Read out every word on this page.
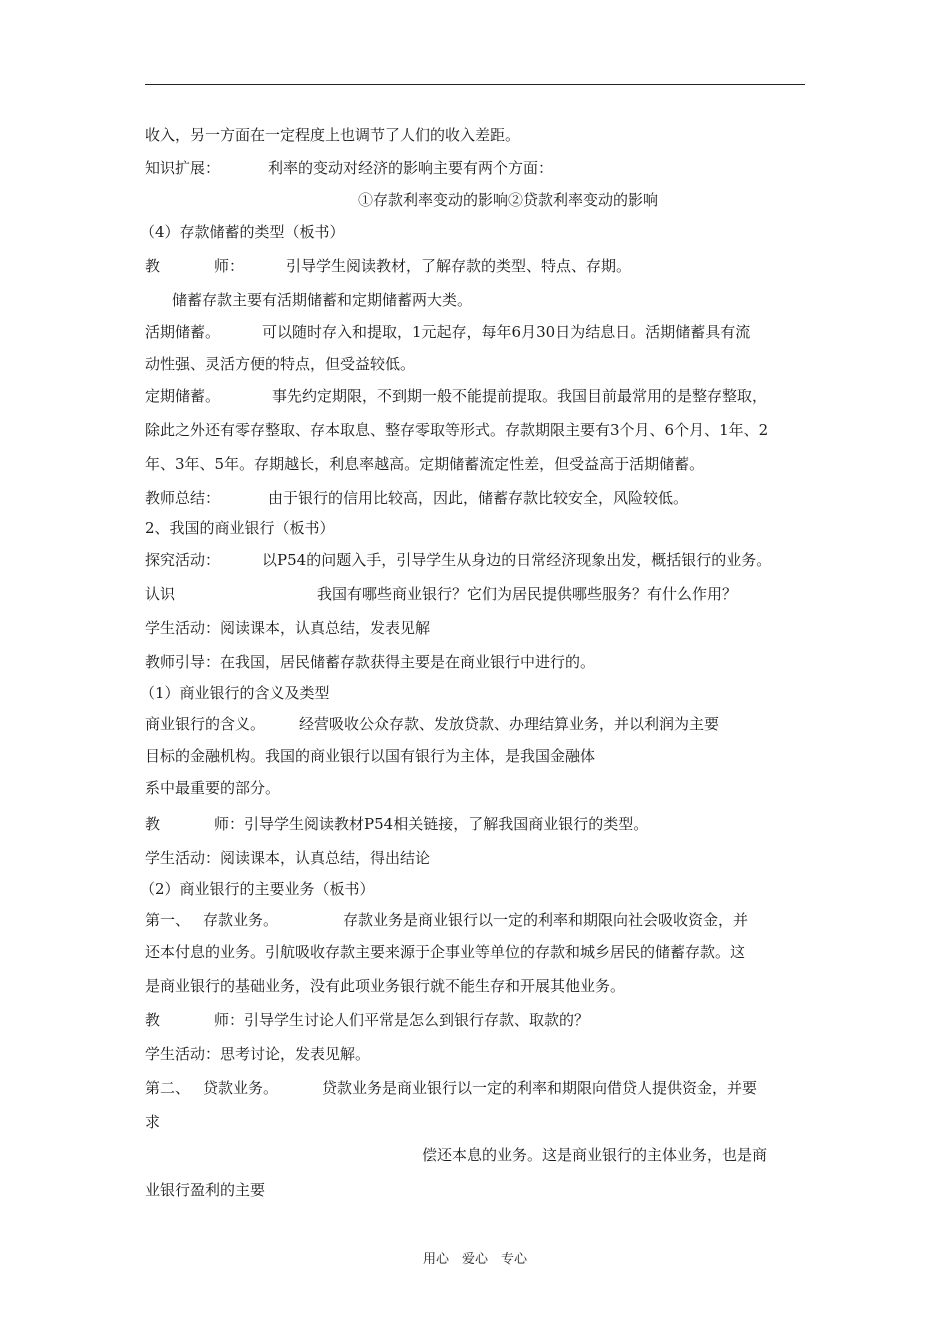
收入，另一方面在一定程度上也调节了人们的收入差距。
知识扩展：	利率的变动对经济的影响主要有两个方面：
①存款利率变动的影响②贷款利率变动的影响
（4）存款储蓄的类型（板书）
教	师：	引导学生阅读教材，了解存款的类型、特点、存期。
储蓄存款主要有活期储蓄和定期储蓄两大类。
活期储蓄。	可以随时存入和提取，1元起存，每年6月30日为结息日。活期储蓄具有流
动性强、灵活方便的特点，但受益较低。
定期储蓄。	事先约定期限，不到期一般不能提前提取。我国目前最常用的是整存整取，
除此之外还有零存整取、存本取息、整存零取等形式。存款期限主要有3个月、6个月、1年、2
年、3年、5年。存期越长，利息率越高。定期储蓄流定性差，但受益高于活期储蓄。
教师总结：	由于银行的信用比较高，因此，储蓄存款比较安全，风险较低。
2、我国的商业银行（板书）
探究活动：	以P54的问题入手，引导学生从身边的日常经济现象出发，概括银行的业务。
认识	我国有哪些商业银行？它们为居民提供哪些服务？有什么作用？
学生活动：阅读课本，认真总结，发表见解
教师引导：在我国，居民储蓄存款获得主要是在商业银行中进行的。
（1）商业银行的含义及类型
商业银行的含义。 经营吸收公众存款、发放贷款、办理结算业务，并以利润为主要
目标的金融机构。我国的商业银行以国有银行为主体，是我国金融体
系中最重要的部分。
教	师：引导学生阅读教材P54相关链接，了解我国商业银行的类型。
学生活动：阅读课本，认真总结，得出结论
（2）商业银行的主要业务（板书）
第一、 存款业务。	存款业务是商业银行以一定的利率和期限向社会吸收资金，并
还本付息的业务。引航吸收存款主要来源于企事业等单位的存款和城乡居民的储蓄存款。这
是商业银行的基础业务，没有此项业务银行就不能生存和开展其他业务。
教	师：引导学生讨论人们平常是怎么到银行存款、取款的？
学生活动：思考讨论，发表见解。
第二、 贷款业务。	贷款业务是商业银行以一定的利率和期限向借贷人提供资金，并要
求
偿还本息的业务。这是商业银行的主体业务，也是商
业银行盈利的主要
用心　爱心　专心
